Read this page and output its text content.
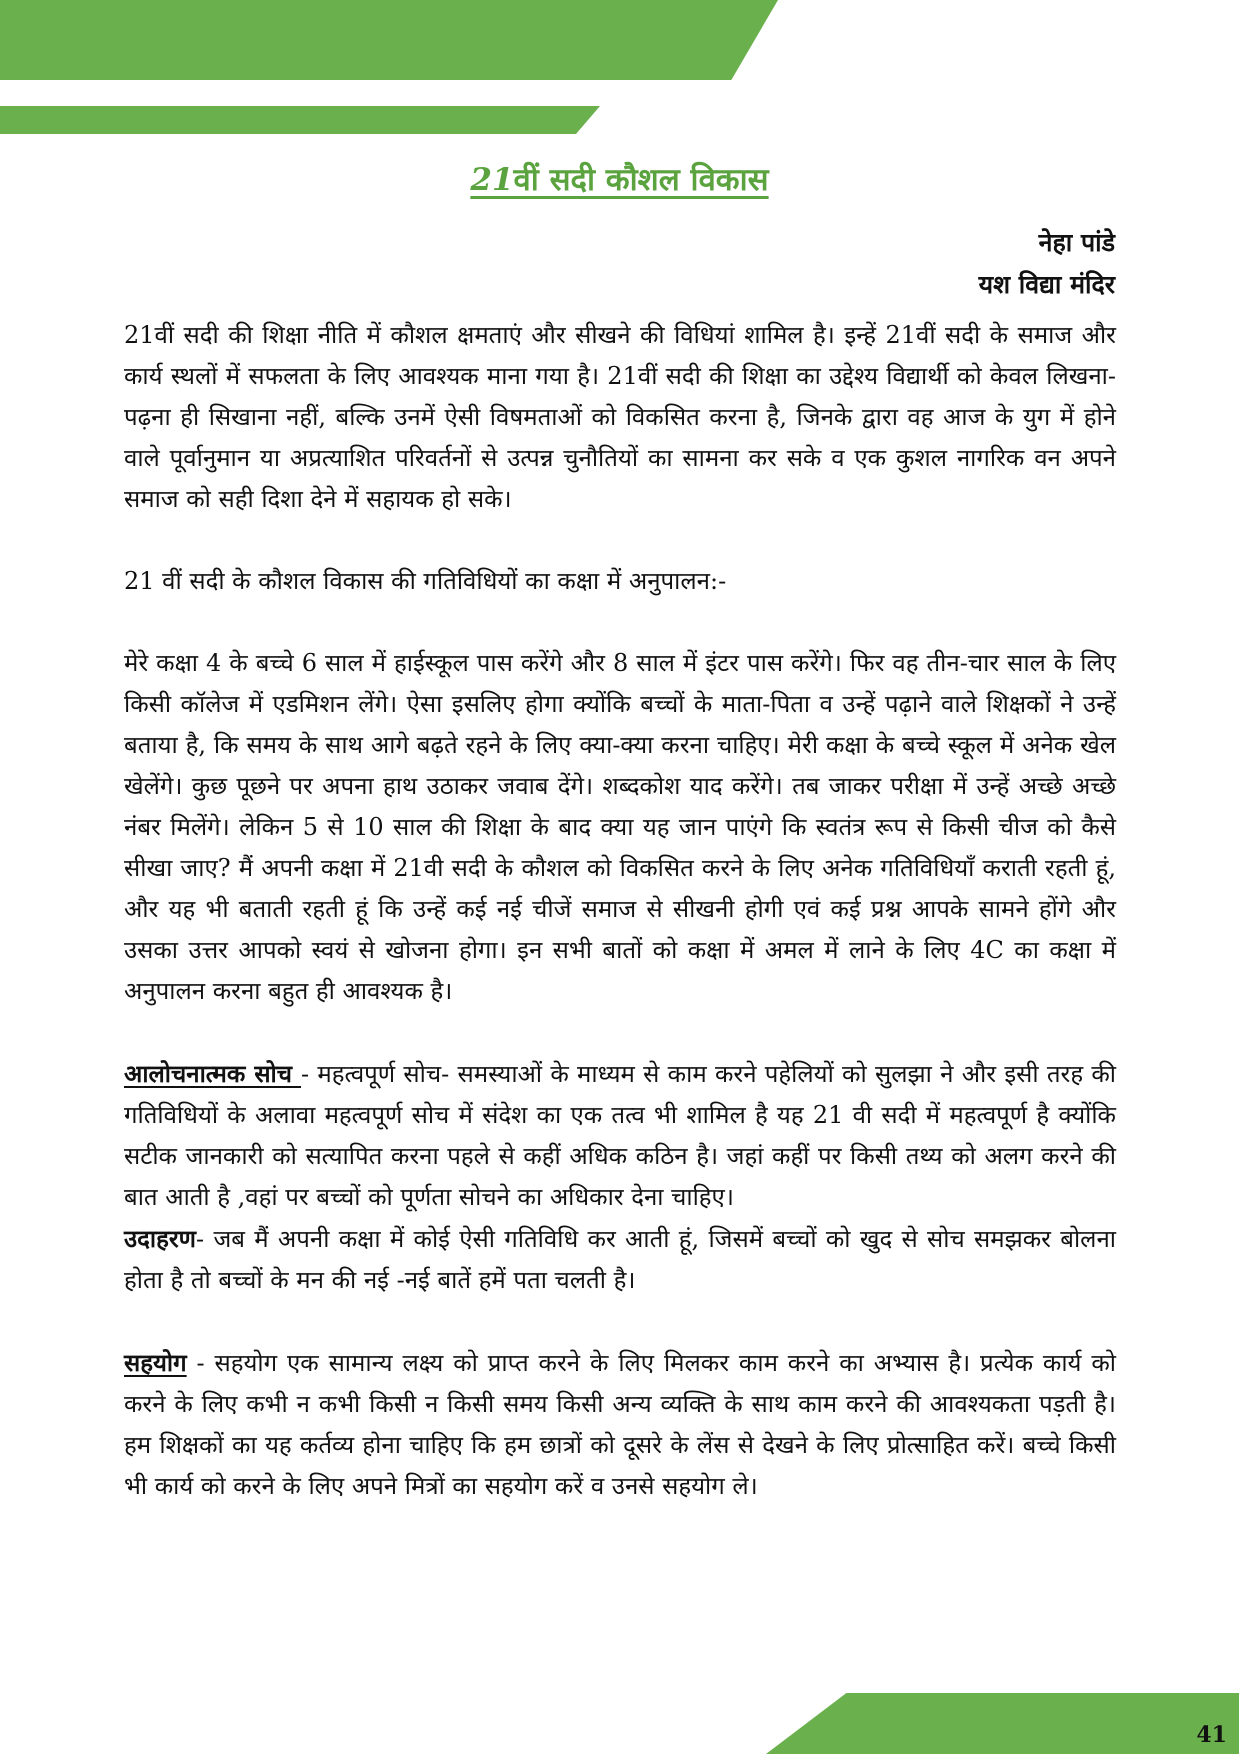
21वीं सदी कौशल विकास
नेहा पांडे
यश विद्या मंदिर

21वीं सदी की शिक्षा नीति में कौशल क्षमताएं और सीखने की विधियां शामिल है। इन्हें 21वीं सदी के समाज और कार्य स्थलों में सफलता के लिए आवश्यक माना गया है। 21वीं सदी की शिक्षा का उद्देश्य विद्यार्थी को केवल लिखना-पढ़ना ही सिखाना नहीं, बल्कि उनमें ऐसी विषमताओं को विकसित करना है, जिनके द्वारा वह आज के युग में होने वाले पूर्वानुमान या अप्रत्याशित परिवर्तनों से उत्पन्न चुनौतियों का सामना कर सके व एक कुशल नागरिक वन अपने समाज को सही दिशा देने में सहायक हो सके।

21 वीं सदी के कौशल विकास की गतिविधियों का कक्षा में अनुपालन:-

मेरे कक्षा 4 के बच्चे 6 साल में हाईस्कूल पास करेंगे और 8 साल में इंटर पास करेंगे। फिर वह तीन-चार साल के लिए किसी कॉलेज में एडमिशन लेंगे। ऐसा इसलिए होगा क्योंकि बच्चों के माता-पिता व उन्हें पढ़ाने वाले शिक्षकों ने उन्हें बताया है, कि समय के साथ आगे बढ़ते रहने के लिए क्या-क्या करना चाहिए। मेरी कक्षा के बच्चे स्कूल में अनेक खेल खेलेंगे। कुछ पूछने पर अपना हाथ उठाकर जवाब देंगे। शब्दकोश याद करेंगे। तब जाकर परीक्षा में उन्हें अच्छे अच्छे नंबर मिलेंगे। लेकिन 5 से 10 साल की शिक्षा के बाद क्या यह जान पाएंगे कि स्वतंत्र रूप से किसी चीज को कैसे सीखा जाए? मैं अपनी कक्षा में 21वी सदी के कौशल को विकसित करने के लिए अनेक गतिविधियाँ कराती रहती हूं, और यह भी बताती रहती हूं कि उन्हें कई नई चीजें समाज से सीखनी होगी एवं कई प्रश्न आपके सामने होंगे और उसका उत्तर आपको स्वयं से खोजना होगा। इन सभी बातों को कक्षा में अमल में लाने के लिए 4C का कक्षा में अनुपालन करना बहुत ही आवश्यक है।

आलोचनात्मक सोच - महत्वपूर्ण सोच- समस्याओं के माध्यम से काम करने पहेलियों को सुलझा ने और इसी तरह की गतिविधियों के अलावा महत्वपूर्ण सोच में संदेश का एक तत्व भी शामिल है यह 21 वी सदी में महत्वपूर्ण है क्योंकि सटीक जानकारी को सत्यापित करना पहले से कहीं अधिक कठिन है। जहां कहीं पर किसी तथ्य को अलग करने की बात आती है ,वहां पर बच्चों को पूर्णता सोचने का अधिकार देना चाहिए।

उदाहरण- जब मैं अपनी कक्षा में कोई ऐसी गतिविधि कर आती हूं, जिसमें बच्चों को खुद से सोच समझकर बोलना होता है तो बच्चों के मन की नई -नई बातें हमें पता चलती है।

सहयोग - सहयोग एक सामान्य लक्ष्य को प्राप्त करने के लिए मिलकर काम करने का अभ्यास है। प्रत्येक कार्य को करने के लिए कभी न कभी किसी न किसी समय किसी अन्य व्यक्ति के साथ काम करने की आवश्यकता पड़ती है। हम शिक्षकों का यह कर्तव्य होना चाहिए कि हम छात्रों को दूसरे के लेंस से देखने के लिए प्रोत्साहित करें। बच्चे किसी भी कार्य को करने के लिए अपने मित्रों का सहयोग करें व उनसे सहयोग ले।

41
